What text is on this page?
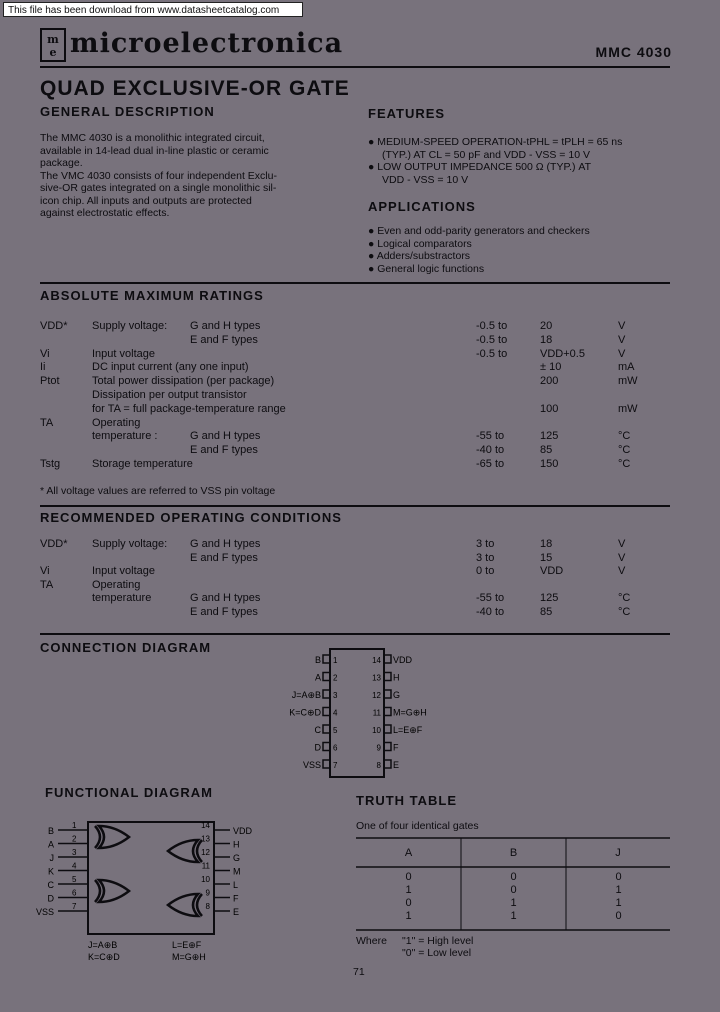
This file has been download from www.datasheetcatalog.com
m
e microelectronica	MMC 4030
QUAD EXCLUSIVE-OR GATE
GENERAL DESCRIPTION
The MMC 4030 is a monolithic integrated circuit,
available in 14-lead dual in-line plastic or ceramic
package.
The VMC 4030 consists of four independent Exclu-
sive-OR gates integrated on a single monolithic sil-
icon chip. All inputs and outputs are protected
against electrostatic effects.
FEATURES
● MEDIUM-SPEED OPERATION-tPHL = tPLH = 65 ns
(TYP.) AT CL = 50 pF and VDD - VSS = 10 V
● LOW OUTPUT IMPEDANCE 500 Ω (TYP.) AT
VDD - VSS = 10 V
APPLICATIONS
● Even and odd-parity generators and checkers
● Logical comparators
● Adders/substractors
● General logic functions
ABSOLUTE MAXIMUM RATINGS
VDD* Supply voltage: G and H types	-0.5 to	20	V
E and F types	-0.5 to	18	V
Vi	Input voltage	-0.5 to	VDD+0.5	V
Ii	DC input current (any one input)	± 10	mA
Ptot	Total power dissipation (per package)	200	mW
Dissipation per output transistor
for TA = full package-temperature range	100	mW
TA	Operating
temperature :	G and H types	-55 to	125	°C
E and F types	-40 to	85	°C
Tstg	Storage temperature	-65 to	150	°C
* All voltage values are referred to VSS pin voltage
RECOMMENDED OPERATING CONDITIONS
VDD* Supply voltage: G and H types	3 to	18	V
E and F types	3 to	15	V
Vi	Input voltage	0 to	VDD	V
TA	Operating
temperature	G and H types	-55 to	125	°C
E and F types	-40 to	85	°C
CONNECTION DIAGRAM
B 1
A 2
J=A⊕B 3
K=C⊕D 4
C 5
D 6
VSS 7
VDD
14
H
13
G
12
M=G⊕H
11
L=E⊕F
10
F
9
E
8
FUNCTIONAL DIAGRAM
B
1
A
2
J
3
K
4
C
5
D
6
VSS
7
VDD
14
H
13
G
12
M
11
L
10
F
9
E
8
J=A⊕B
K=C⊕D
L=E⊕F
M=G⊕H
TRUTH TABLE
One of four identical gates
A	B	J
0	0	0
1	0	1
0	1	1
1	1	0
Where "1" = High level
"0" = Low level
71
